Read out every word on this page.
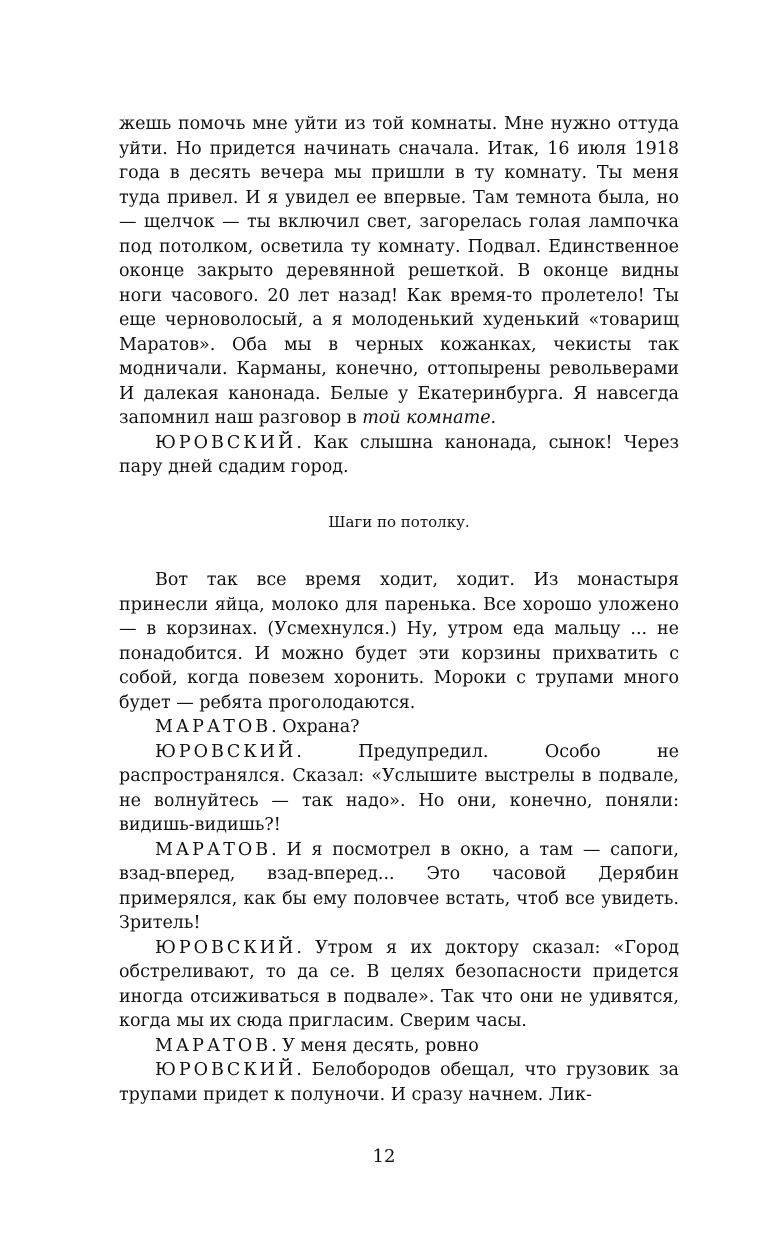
жешь помочь мне уйти из той комнаты. Мне нужно оттуда уйти. Но придется начинать сначала. Итак, 16 июля 1918 года в десять вечера мы пришли в ту комнату. Ты меня туда привел. И я увидел ее впервые. Там темнота была, но — щелчок — ты включил свет, загорелась голая лампочка под потолком, осветила ту комнату. Подвал. Единственное оконце закрыто деревянной решеткой. В оконце видны ноги часового. 20 лет назад! Как время-то пролетело! Ты еще черноволосый, а я молоденький худенький «товарищ Маратов». Оба мы в черных кожанках, чекисты так модничали. Карманы, конечно, оттопырены револьверами И далекая канонада. Белые у Екатеринбурга. Я навсегда запомнил наш разговор в той комнате.

ЮРОВСКИЙ. Как слышна канонада, сынок! Через пару дней сдадим город.

Шаги по потолку.

Вот так все время ходит, ходит. Из монастыря принесли яйца, молоко для паренька. Все хорошо уложено — в корзинах. (Усмехнулся.) Ну, утром еда мальцу ... не понадобится. И можно будет эти корзины прихватить с собой, когда повезем хоронить. Мороки с трупами много будет — ребята проголодаются.

МАРАТОВ. Охрана?

ЮРОВСКИЙ. Предупредил. Особо не распространялся. Сказал: «Услышите выстрелы в подвале, не волнуйтесь — так надо». Но они, конечно, поняли: видишь-видишь?!

МАРАТОВ. И я посмотрел в окно, а там — сапоги, взад-вперед, взад-вперед... Это часовой Дерябин примерялся, как бы ему половчее встать, чтоб все увидеть. Зритель!

ЮРОВСКИЙ. Утром я их доктору сказал: «Город обстреливают, то да се. В целях безопасности придется иногда отсиживаться в подвале». Так что они не удивятся, когда мы их сюда пригласим. Сверим часы.

МАРАТОВ. У меня десять, ровно

ЮРОВСКИЙ. Белобородов обещал, что грузовик за трупами придет к полуночи. И сразу начнем. Лик-

12
